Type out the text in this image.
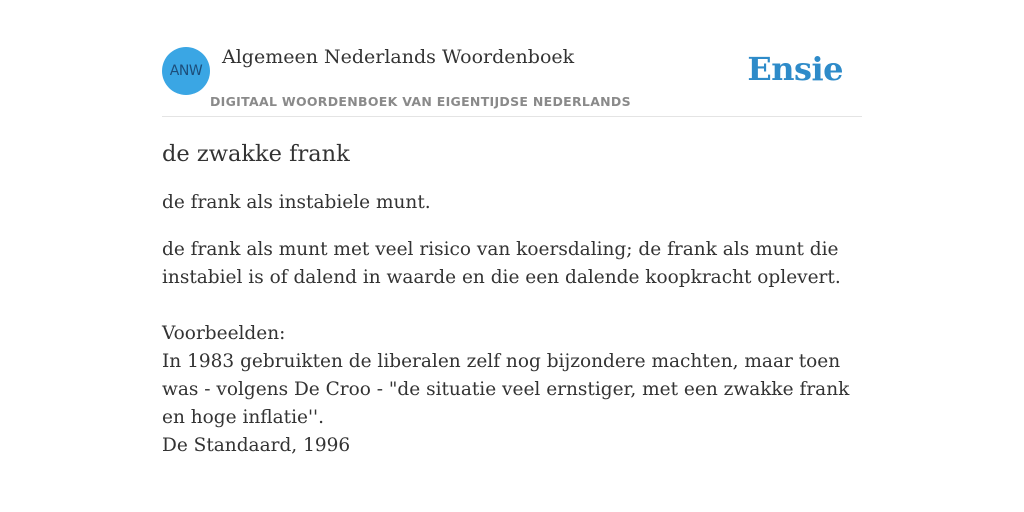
ANW
Algemeen Nederlands Woordenboek
DIGITAAL WOORDENBOEK VAN EIGENTIJDSE NEDERLANDS
Ensie
de zwakke frank
de frank als instabiele munt.
de frank als munt met veel risico van koersdaling; de frank als munt die instabiel is of dalend in waarde en die een dalende koopkracht oplevert.
Voorbeelden:
In 1983 gebruikten de liberalen zelf nog bijzondere machten, maar toen was - volgens De Croo - "de situatie veel ernstiger, met een zwakke frank en hoge inflatie''.
De Standaard, 1996
